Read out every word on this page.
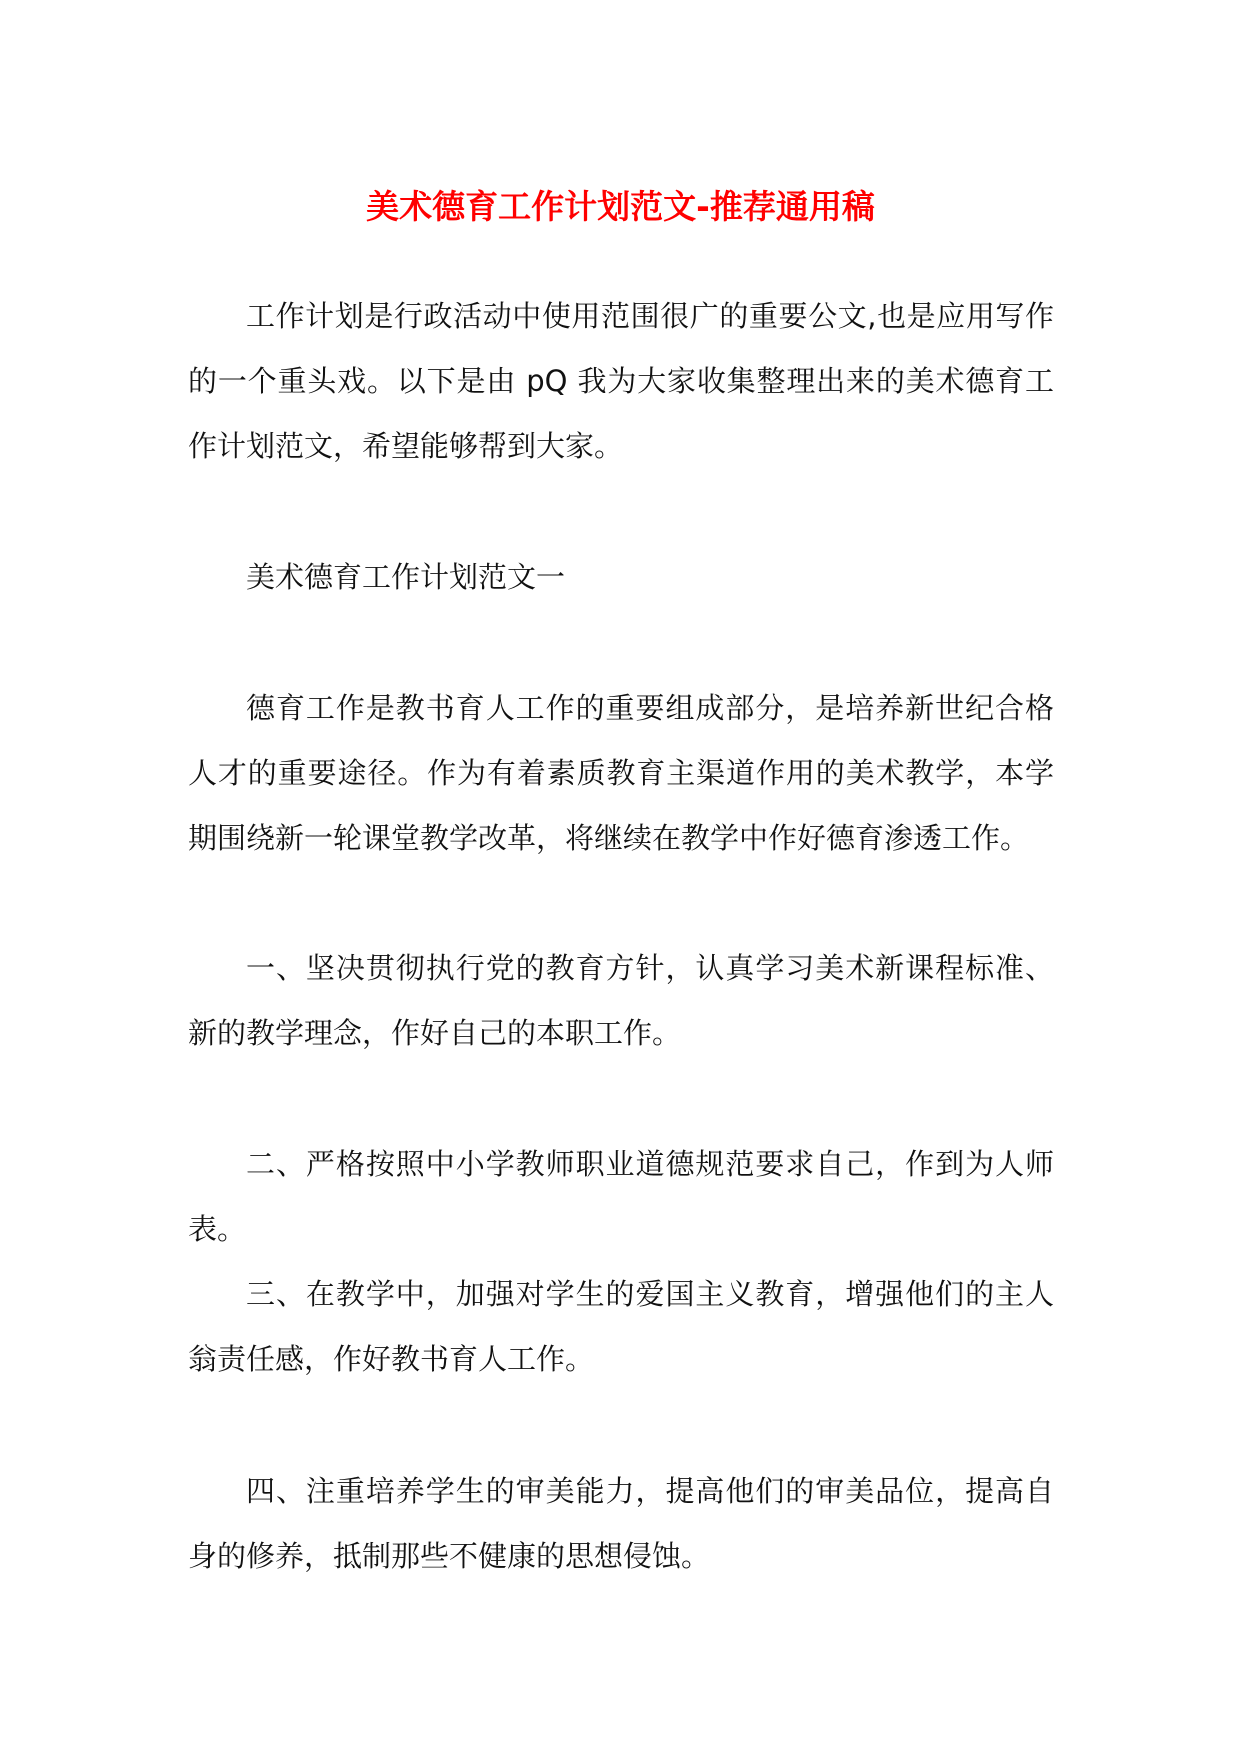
美术德育工作计划范文-推荐通用稿

工作计划是行政活动中使用范围很广的重要公文,也是应用写作的一个重头戏。以下是由 pQ 我为大家收集整理出来的美术德育工作计划范文，希望能够帮到大家。

美术德育工作计划范文一

德育工作是教书育人工作的重要组成部分，是培养新世纪合格人才的重要途径。作为有着素质教育主渠道作用的美术教学，本学期围绕新一轮课堂教学改革，将继续在教学中作好德育渗透工作。

一、坚决贯彻执行党的教育方针，认真学习美术新课程标准、新的教学理念，作好自己的本职工作。

二、严格按照中小学教师职业道德规范要求自己，作到为人师表。

三、在教学中，加强对学生的爱国主义教育，增强他们的主人翁责任感，作好教书育人工作。

四、注重培养学生的审美能力，提高他们的审美品位，提高自身的修养，抵制那些不健康的思想侵蚀。
